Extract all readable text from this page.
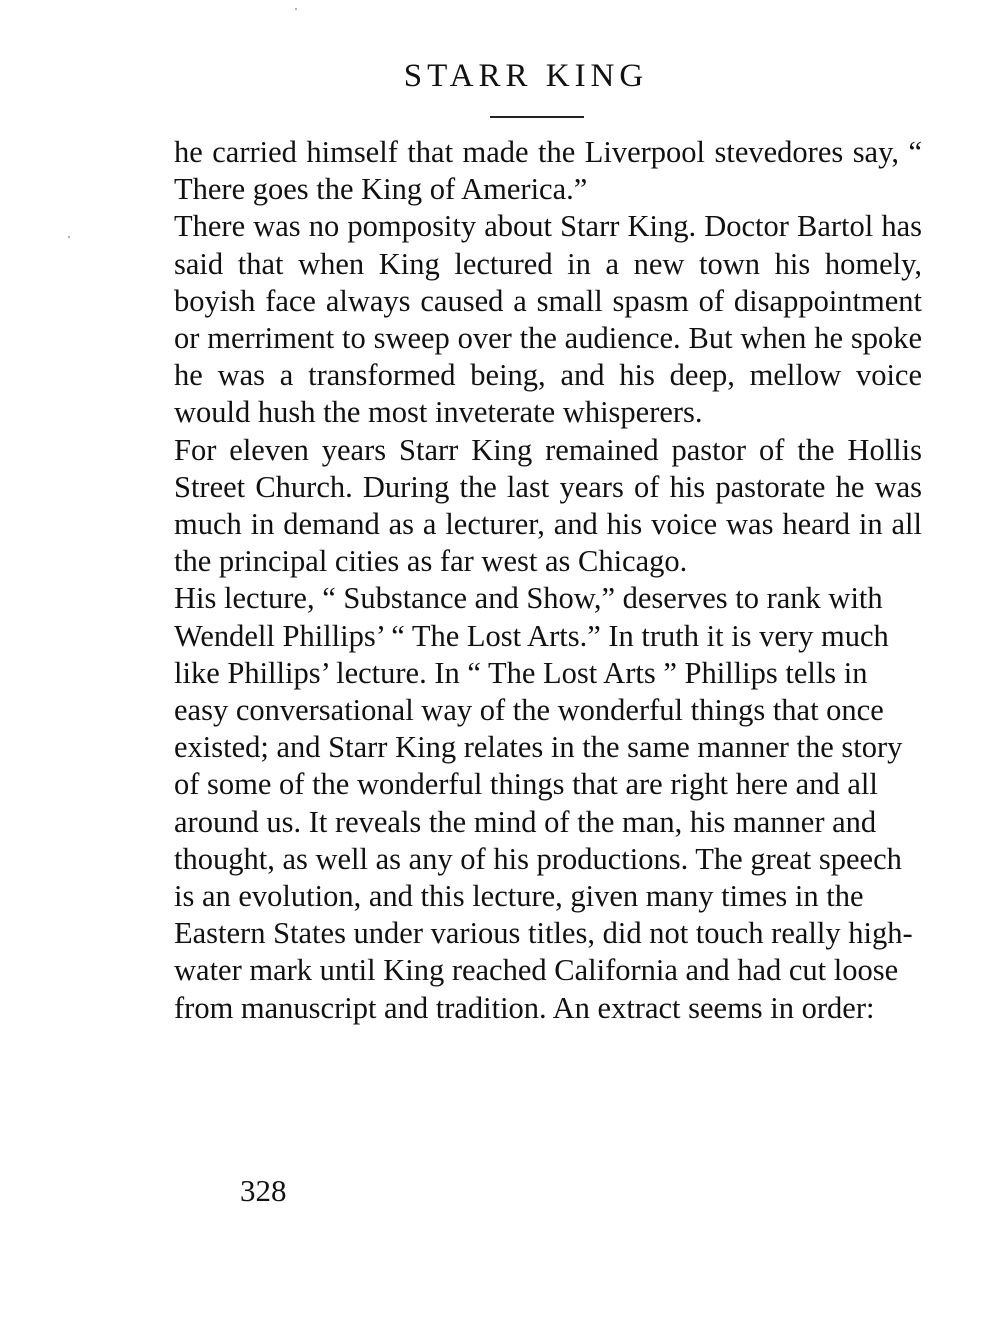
STARR KING

he carried himself that made the Liverpool stevedores say, “ There goes the King of America.”

There was no pomposity about Starr King. Doctor Bartol has said that when King lectured in a new town his homely, boyish face always caused a small spasm of disappointment or merriment to sweep over the audience. But when he spoke he was a transformed being, and his deep, mellow voice would hush the most inveterate whisperers.

For eleven years Starr King remained pastor of the Hollis Street Church. During the last years of his pastorate he was much in demand as a lecturer, and his voice was heard in all the principal cities as far west as Chicago.

His lecture, “ Substance and Show,” deserves to rank with Wendell Phillips’ “ The Lost Arts.” In truth it is very much like Phillips’ lecture. In “ The Lost Arts ” Phillips tells in easy conversational way of the wonderful things that once existed; and Starr King relates in the same manner the story of some of the wonderful things that are right here and all around us. It reveals the mind of the man, his manner and thought, as well as any of his productions. The great speech is an evolution, and this lecture, given many times in the Eastern States under various titles, did not touch really high-water mark until King reached California and had cut loose from manuscript and tradition. An extract seems in order:

328
